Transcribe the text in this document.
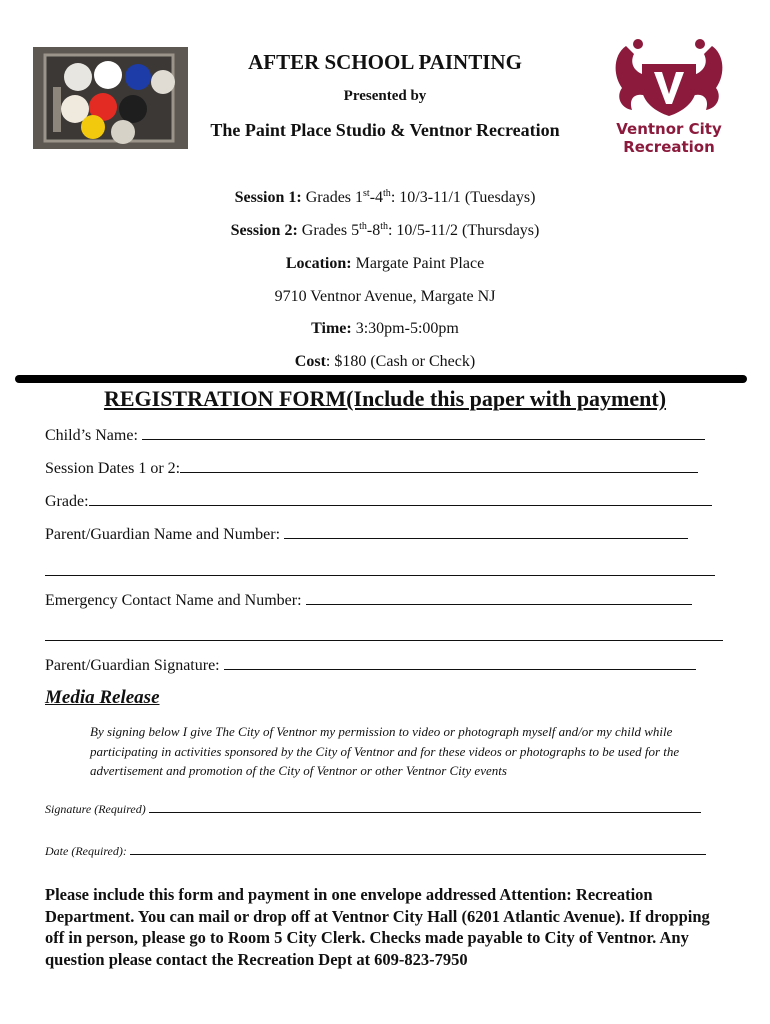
Ventnor City
Recreation
AFTER SCHOOL PAINTING
Presented by
The Paint Place Studio & Ventnor Recreation
Session 1: Grades 1st-4th: 10/3-11/1 (Tuesdays)
Session 2: Grades 5th-8th: 10/5-11/2 (Thursdays)
Location: Margate Paint Place
9710 Ventnor Avenue, Margate NJ
Time: 3:30pm-5:00pm
Cost: $180 (Cash or Check)
REGISTRATION FORM(Include this paper with payment)
Child’s Name:
Session Dates 1 or 2:
Grade:
Parent/Guardian Name and Number:
Emergency Contact Name and Number:
Parent/Guardian Signature:
Media Release
By signing below I give The City of Ventnor my permission to video or photograph myself and/or my child while participating in activities sponsored by the City of Ventnor and for these videos or photographs to be used for the advertisement and promotion of the City of Ventnor or other Ventnor City events
Signature (Required)
Date (Required):
Please include this form and payment in one envelope addressed Attention: Recreation Department. You can mail or drop off at Ventnor City Hall (6201 Atlantic Avenue). If dropping off in person, please go to Room 5 City Clerk. Checks made payable to City of Ventnor. Any question please contact the Recreation Dept at 609-823-7950
